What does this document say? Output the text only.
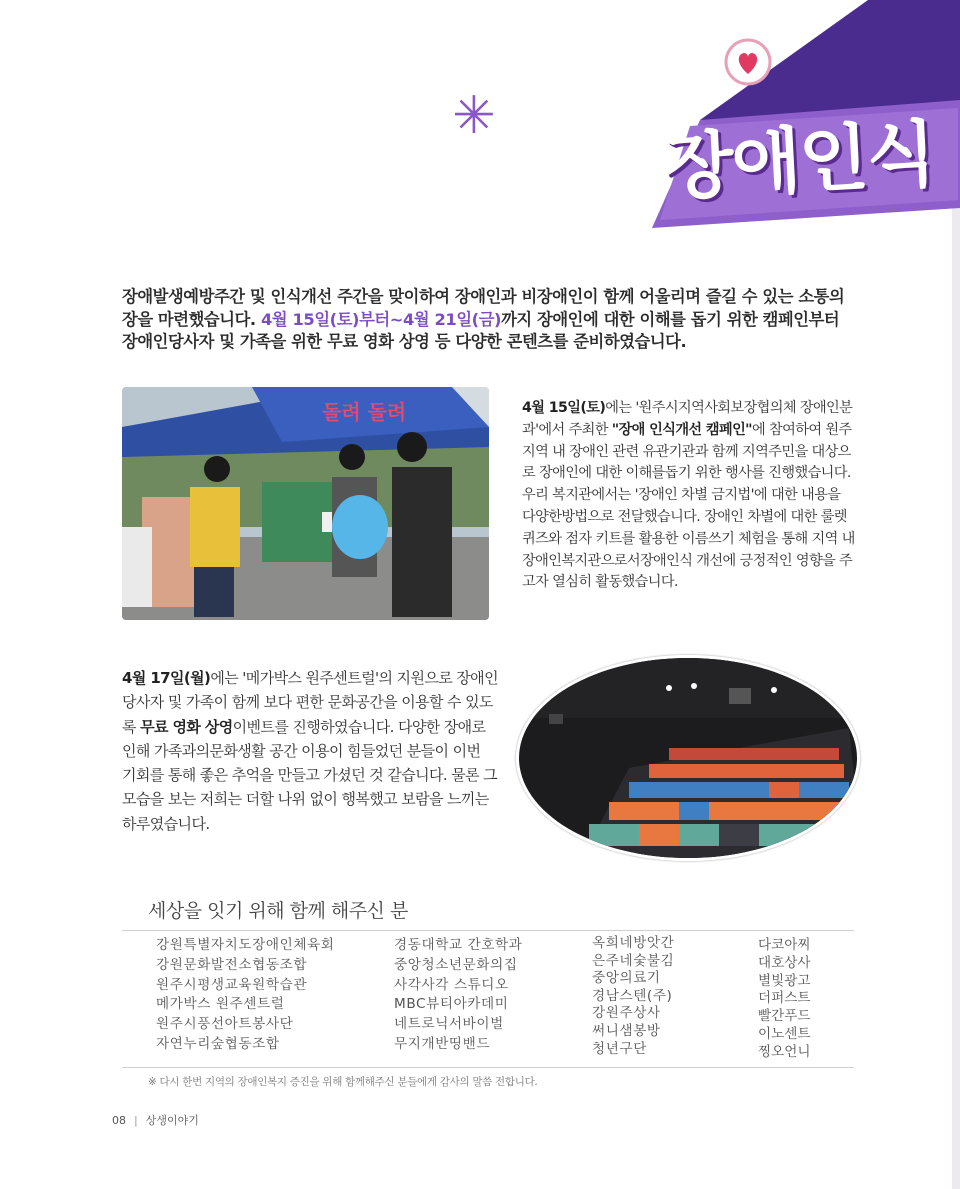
장애인식
✳
장애발생예방주간 및 인식개선 주간을 맞이하여 장애인과 비장애인이 함께 어울리며 즐길 수 있는 소통의
장을 마련했습니다. 4월 15일(토)부터~4월 21일(금)까지 장애인에 대한 이해를 돕기 위한 캠페인부터
장애인당사자 및 가족을 위한 무료 영화 상영 등 다양한 콘텐츠를 준비하였습니다.
돌려 돌려	4월 15일(토)에는 '원주시지역사회보장협의체 장애인분과'에서 주최한 "장애 인식개선 캠페인"에 참여하여 원주지역 내 장애인 관련 유관기관과 함께 지역주민을 대상으로 장애인에 대한 이해를돕기 위한 행사를 진행했습니다.

우리 복지관에서는 '장애인 차별 금지법'에 대한 내용을 다양한방법으로 전달했습니다. 장애인 차별에 대한 룰렛 퀴즈와 점자 키트를 활용한 이름쓰기 체험을 통해 지역 내 장애인복지관으로서장애인식 개선에 긍정적인 영향을 주고자 열심히 활동했습니다.

4월 17일(월)에는 '메가박스 원주센트럴'의 지원으로 장애인 당사자 및 가족이 함께 보다 편한 문화공간을 이용할 수 있도록 무료 영화 상영이벤트를 진행하였습니다. 다양한 장애로 인해 가족과의문화생활 공간 이용이 힘들었던 분들이 이번 기회를 통해 좋은 추억을 만들고 가셨던 것 같습니다. 물론 그 모습을 보는 저희는 더할 나위 없이 행복했고 보람을 느끼는 하루였습니다.

세상을 잇기 위해 함께 해주신 분
강원특별자치도장애인체육회
강원문화발전소협동조합
원주시평생교육원학습관
메가박스 원주센트럴
원주시풍선아트봉사단
자연누리숲협동조합
경동대학교 간호학과
중앙청소년문화의집
사각사각 스튜디오
MBC뷰티아카데미
네트로닉서바이벌
무지개반띵밴드
옥희네방앗간
은주네숯불김
중앙의료기
경남스텐(주)
강원주상사
써니샘봉방
청년구단
다코아찌
대호상사
별빛광고
더퍼스트
빨간푸드
이노센트
찡오언니
※ 다시 한번 지역의 장애인복지 증진을 위해 함께해주신 분들에게 감사의 말씀 전합니다.
08 | 상생이야기
